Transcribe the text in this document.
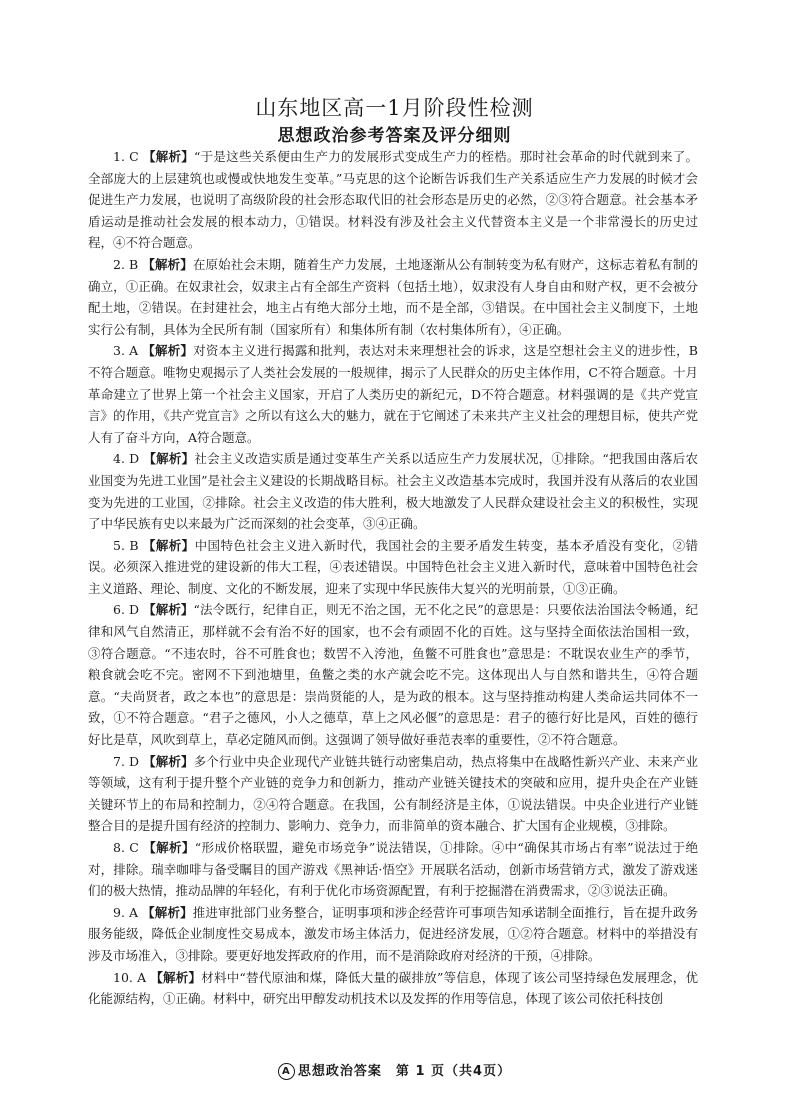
山东地区高一1月阶段性检测
思想政治参考答案及评分细则

1. C 【解析】“于是这些关系便由生产力的发展形式变成生产力的桎梏。那时社会革命的时代就到来了。全部庞大的上层建筑也或慢或快地发生变革。”马克思的这个论断告诉我们生产关系适应生产力发展的时候才会促进生产力发展，也说明了高级阶段的社会形态取代旧的社会形态是历史的必然，②③符合题意。社会基本矛盾运动是推动社会发展的根本动力，①错误。材料没有涉及社会主义代替资本主义是一个非常漫长的历史过程，④不符合题意。

2. B 【解析】在原始社会末期，随着生产力发展，土地逐渐从公有制转变为私有财产，这标志着私有制的确立，①正确。在奴隶社会，奴隶主占有全部生产资料（包括土地），奴隶没有人身自由和财产权，更不会被分配土地，②错误。在封建社会，地主占有绝大部分土地，而不是全部，③错误。在中国社会主义制度下，土地实行公有制，具体为全民所有制（国家所有）和集体所有制（农村集体所有），④正确。

3. A 【解析】对资本主义进行揭露和批判，表达对未来理想社会的诉求，这是空想社会主义的进步性，B不符合题意。唯物史观揭示了人类社会发展的一般规律，揭示了人民群众的历史主体作用，C不符合题意。十月革命建立了世界上第一个社会主义国家，开启了人类历史的新纪元，D不符合题意。材料强调的是《共产党宣言》的作用，《共产党宣言》之所以有这么大的魅力，就在于它阐述了未来共产主义社会的理想目标，使共产党人有了奋斗方向，A符合题意。

4. D 【解析】社会主义改造实质是通过变革生产关系以适应生产力发展状况，①排除。“把我国由落后农业国变为先进工业国”是社会主义建设的长期战略目标。社会主义改造基本完成时，我国并没有从落后的农业国变为先进的工业国，②排除。社会主义改造的伟大胜利，极大地激发了人民群众建设社会主义的积极性，实现了中华民族有史以来最为广泛而深刻的社会变革，③④正确。

5. B 【解析】中国特色社会主义进入新时代，我国社会的主要矛盾发生转变，基本矛盾没有变化，②错误。必须深入推进党的建设新的伟大工程，④表述错误。中国特色社会主义进入新时代，意味着中国特色社会主义道路、理论、制度、文化的不断发展，迎来了实现中华民族伟大复兴的光明前景，①③正确。

6. D 【解析】“法令既行，纪律自正，则无不治之国，无不化之民”的意思是：只要依法治国法令畅通，纪律和风气自然清正，那样就不会有治不好的国家，也不会有顽固不化的百姓。这与坚持全面依法治国相一致，③符合题意。“不违农时，谷不可胜食也；数罟不入洿池，鱼鳖不可胜食也”意思是：不耽误农业生产的季节，粮食就会吃不完。密网不下到池塘里，鱼鳖之类的水产就会吃不完。这体现出人与自然和谐共生，④符合题意。“夫尚贤者，政之本也”的意思是：崇尚贤能的人，是为政的根本。这与坚持推动构建人类命运共同体不一致，①不符合题意。“君子之德风，小人之德草，草上之风必偃”的意思是：君子的德行好比是风，百姓的德行好比是草，风吹到草上，草必定随风而倒。这强调了领导做好垂范表率的重要性，②不符合题意。

7. D 【解析】多个行业中央企业现代产业链共链行动密集启动，热点将集中在战略性新兴产业、未来产业等领域，这有利于提升整个产业链的竞争力和创新力，推动产业链关键技术的突破和应用，提升央企在产业链关键环节上的布局和控制力，②④符合题意。在我国，公有制经济是主体，①说法错误。中央企业进行产业链整合目的是提升国有经济的控制力、影响力、竞争力，而非简单的资本融合、扩大国有企业规模，③排除。

8. C 【解析】“形成价格联盟，避免市场竞争”说法错误，①排除。④中“确保其市场占有率”说法过于绝对，排除。瑞幸咖啡与备受瞩目的国产游戏《黑神话·悟空》开展联名活动，创新市场营销方式，激发了游戏迷们的极大热情，推动品牌的年轻化，有利于优化市场资源配置，有利于挖掘潜在消费需求，②③说法正确。

9. A 【解析】推进审批部门业务整合，证明事项和涉企经营许可事项告知承诺制全面推行，旨在提升政务服务能级，降低企业制度性交易成本，激发市场主体活力，促进经济发展，①②符合题意。材料中的举措没有涉及市场准入，③排除。要更好地发挥政府的作用，而不是消除政府对经济的干预，④排除。

10. A 【解析】材料中“替代原油和煤，降低大量的碳排放”等信息，体现了该公司坚持绿色发展理念，优化能源结构，①正确。材料中，研究出甲醇发动机技术以及发挥的作用等信息，体现了该公司依托科技创

A 思想政治答案　第 1 页（共4页）
